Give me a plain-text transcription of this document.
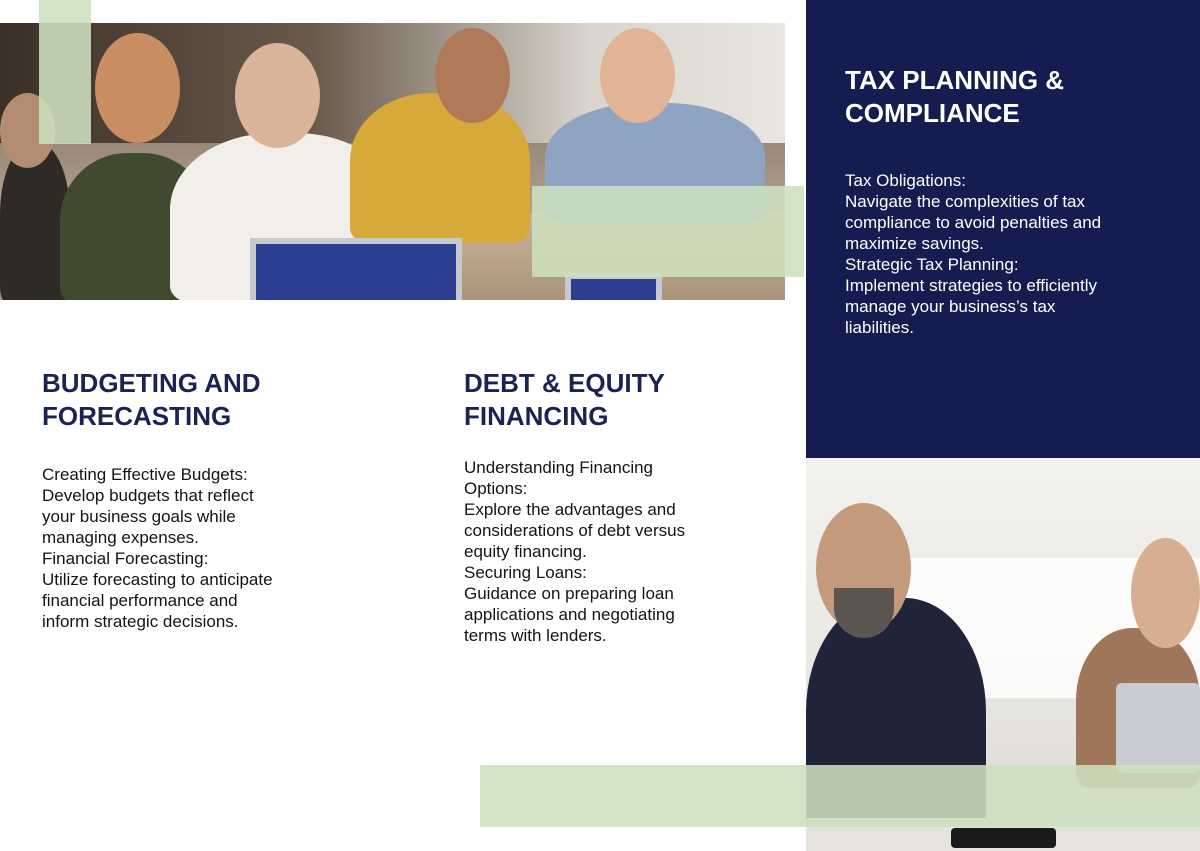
TAX PLANNING &
COMPLIANCE

Tax Obligations:
Navigate the complexities of tax
compliance to avoid penalties and
maximize savings.
Strategic Tax Planning:
Implement strategies to efficiently
manage your business’s tax
liabilities.

BUDGETING AND
FORECASTING

Creating Effective Budgets:
Develop budgets that reflect
your business goals while
managing expenses.
Financial Forecasting:
Utilize forecasting to anticipate
financial performance and
inform strategic decisions.

DEBT & EQUITY
FINANCING

Understanding Financing
Options:
Explore the advantages and
considerations of debt versus
equity financing.
Securing Loans:
Guidance on preparing loan
applications and negotiating
terms with lenders.
